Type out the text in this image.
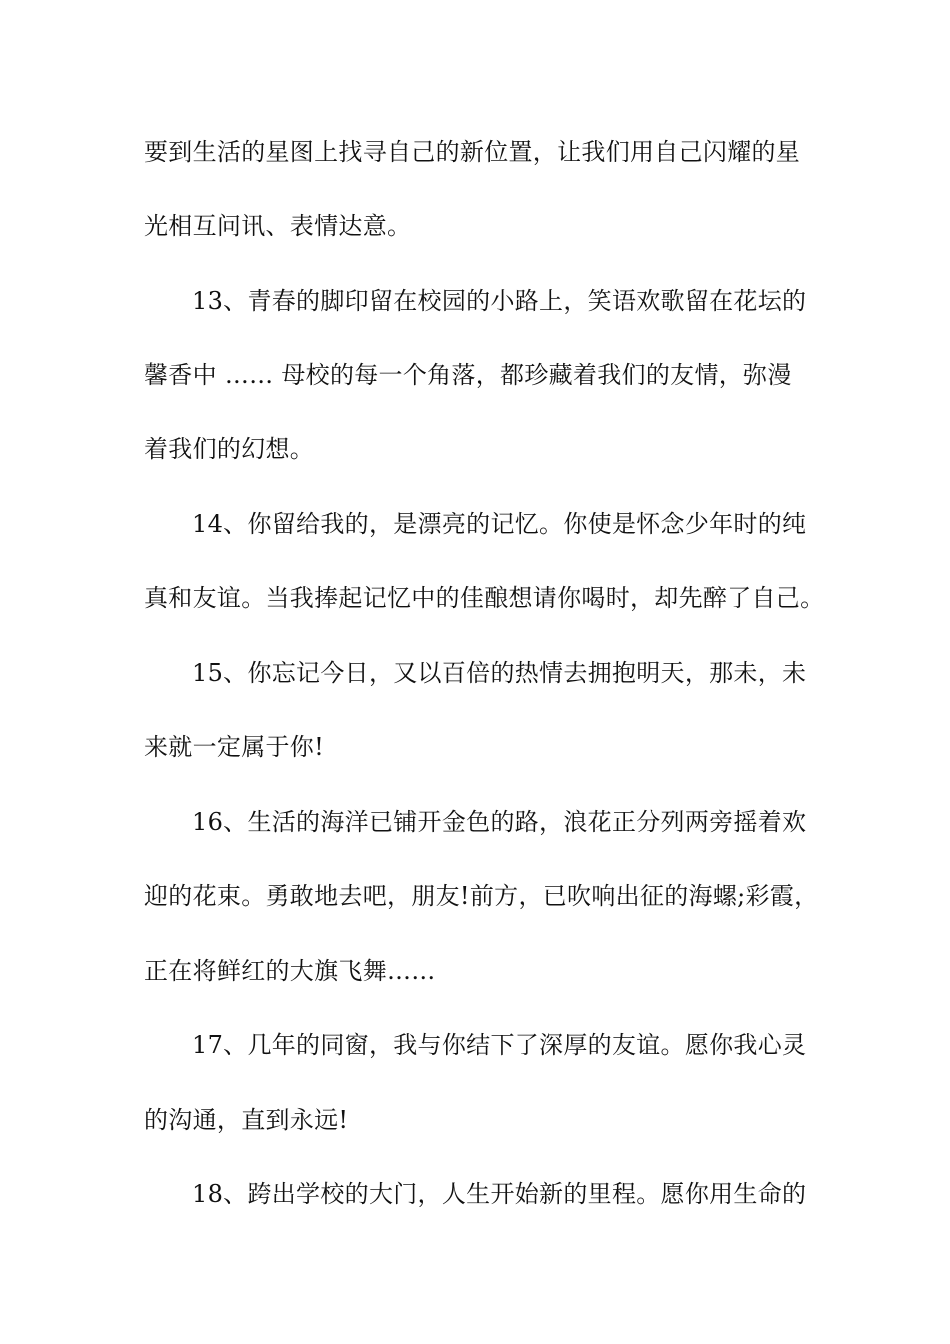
要到生活的星图上找寻自己的新位置，让我们用自己闪耀的星
光相互问讯、表情达意。
13、青春的脚印留在校园的小路上，笑语欢歌留在花坛的
馨香中 …… 母校的每一个角落，都珍藏着我们的友情，弥漫
着我们的幻想。
14、你留给我的，是漂亮的记忆。你使是怀念少年时的纯
真和友谊。当我捧起记忆中的佳酿想请你喝时，却先醉了自己。
15、你忘记今日，又以百倍的热情去拥抱明天，那未，未
来就一定属于你!
16、生活的海洋已铺开金色的路，浪花正分列两旁摇着欢
迎的花束。勇敢地去吧，朋友!前方，已吹响出征的海螺;彩霞，
正在将鲜红的大旗飞舞……
17、几年的同窗，我与你结下了深厚的友谊。愿你我心灵
的沟通，直到永远!
18、跨出学校的大门，人生开始新的里程。愿你用生命的
